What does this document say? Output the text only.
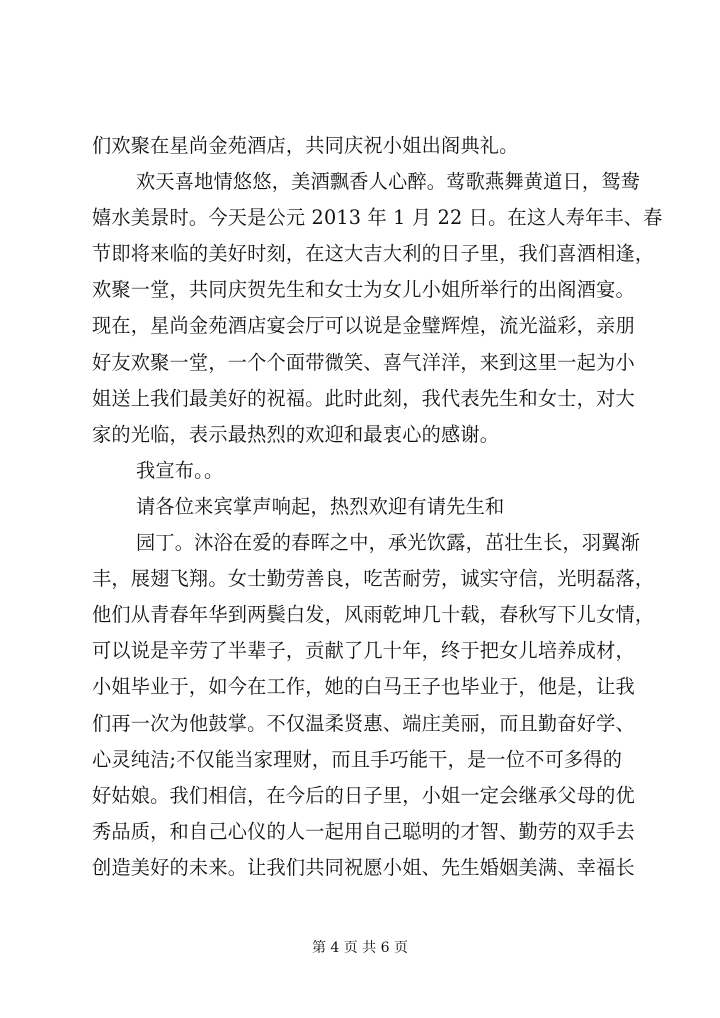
们欢聚在星尚金苑酒店，共同庆祝小姐出阁典礼。
欢天喜地情悠悠，美酒飘香人心醉。莺歌燕舞黄道日，鸳鸯
嬉水美景时。今天是公元 2013 年 1 月 22 日。在这人寿年丰、春
节即将来临的美好时刻，在这大吉大利的日子里，我们喜酒相逢，
欢聚一堂，共同庆贺先生和女士为女儿小姐所举行的出阁酒宴。
现在，星尚金苑酒店宴会厅可以说是金璧辉煌，流光溢彩，亲朋
好友欢聚一堂，一个个面带微笑、喜气洋洋，来到这里一起为小
姐送上我们最美好的祝福。此时此刻，我代表先生和女士，对大
家的光临，表示最热烈的欢迎和最衷心的感谢。
我宣布。。
请各位来宾掌声响起，热烈欢迎有请先生和
园丁。沐浴在爱的春晖之中，承光饮露，茁壮生长，羽翼渐
丰，展翅飞翔。女士勤劳善良，吃苦耐劳，诚实守信，光明磊落，
他们从青春年华到两鬓白发，风雨乾坤几十载，春秋写下儿女情，
可以说是辛劳了半辈子，贡献了几十年，终于把女儿培养成材，
小姐毕业于，如今在工作，她的白马王子也毕业于，他是，让我
们再一次为他鼓掌。不仅温柔贤惠、端庄美丽，而且勤奋好学、
心灵纯洁;不仅能当家理财，而且手巧能干，是一位不可多得的
好姑娘。我们相信，在今后的日子里，小姐一定会继承父母的优
秀品质，和自己心仪的人一起用自己聪明的才智、勤劳的双手去
创造美好的未来。让我们共同祝愿小姐、先生婚姻美满、幸福长
第 4 页 共 6 页
